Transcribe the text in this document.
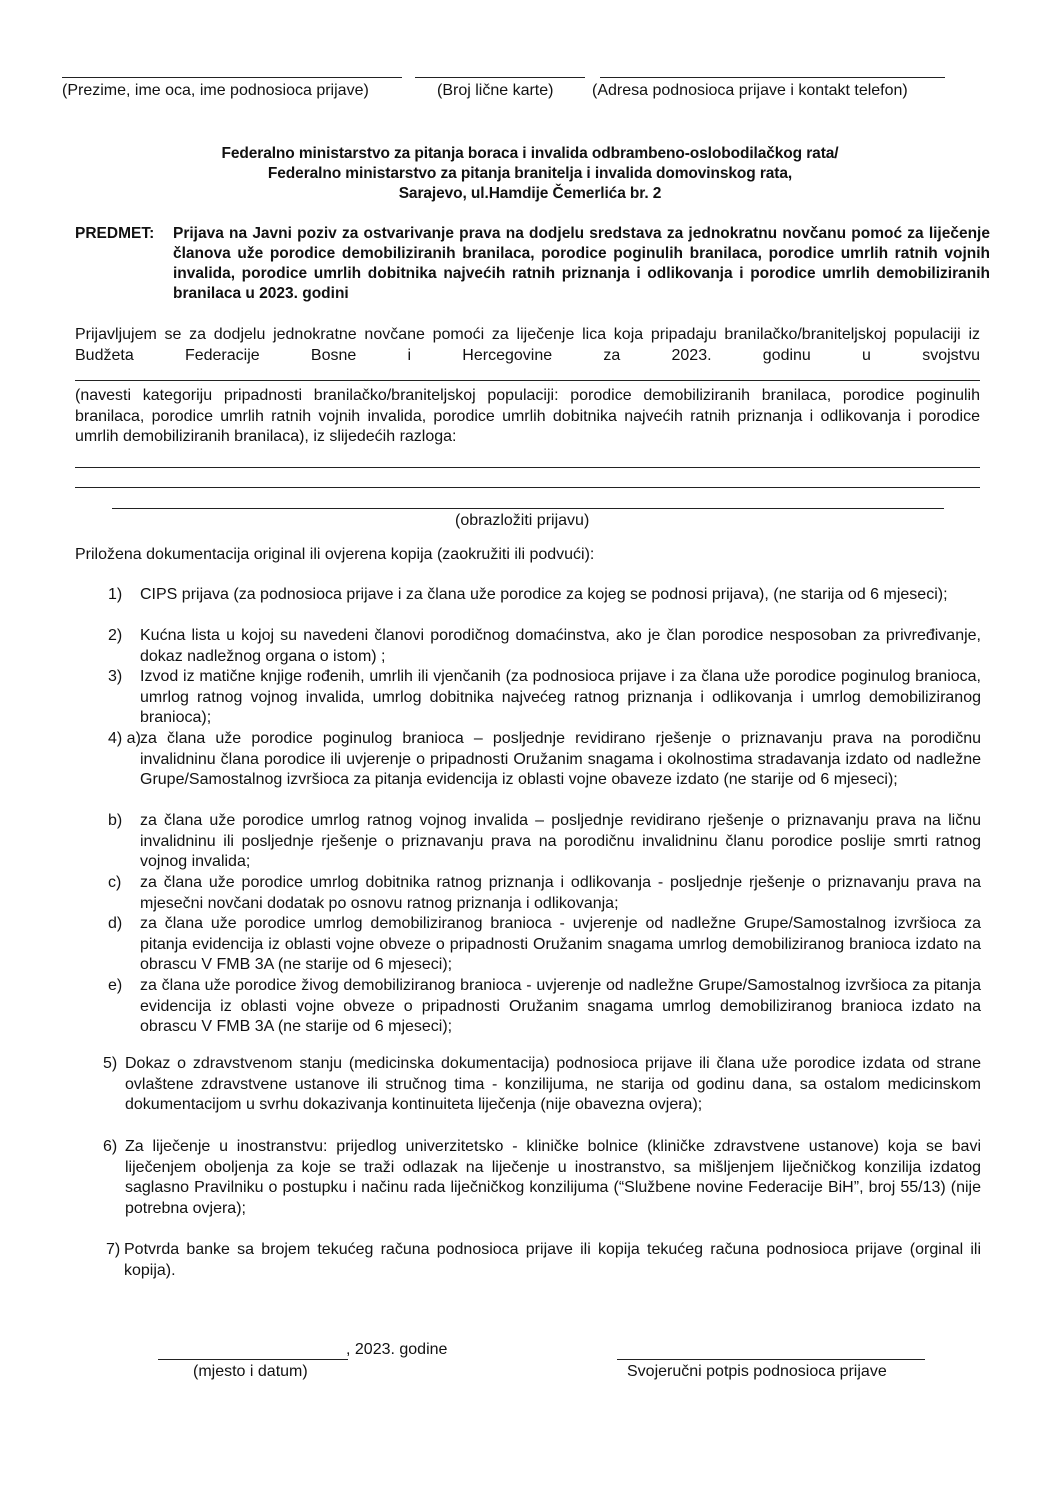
(Prezime, ime oca, ime podnosioca prijave)	(Broj lične karte) (Adresa podnosioca prijave i kontakt telefon)
Federalno ministarstvo za pitanja boraca i invalida odbrambeno-oslobodilačkog rata/
Federalno ministarstvo za pitanja branitelja i invalida domovinskog rata,
Sarajevo, ul.Hamdije Čemerlića br. 2
PREDMET: Prijava na Javni poziv za ostvarivanje prava na dodjelu sredstava za jednokratnu novčanu pomoć za liječenje članova uže porodice demobiliziranih branilaca, porodice poginulih branilaca, porodice umrlih ratnih vojnih invalida, porodice umrlih dobitnika najvećih ratnih priznanja i odlikovanja i porodice umrlih demobiliziranih branilaca u 2023. godini
Prijavljujem se za dodjelu jednokratne novčane pomoći za liječenje lica koja pripadaju branilačko/braniteljskoj populaciji iz Budžeta Federacije Bosne i Hercegovine za 2023. godinu u svojstvu
(navesti kategoriju pripadnosti branilačko/braniteljskoj populaciji: porodice demobiliziranih branilaca, porodice poginulih branilaca, porodice umrlih ratnih vojnih invalida, porodice umrlih dobitnika najvećih ratnih priznanja i odlikovanja i porodice umrlih demobiliziranih branilaca), iz slijedećih razloga:
(obrazložiti prijavu)
Priložena dokumentacija original ili ovjerena kopija (zaokružiti ili podvući):
1) CIPS prijava (za podnosioca prijave i za člana uže porodice za kojeg se podnosi prijava), (ne starija od 6 mjeseci);
2) Kućna lista u kojoj su navedeni članovi porodičnog domaćinstva, ako je član porodice nesposoban za privređivanje, dokaz nadležnog organa o istom) ;
3) Izvod iz matične knjige rođenih, umrlih ili vjenčanih (za podnosioca prijave i za člana uže porodice poginulog branioca, umrlog ratnog vojnog invalida, umrlog dobitnika najvećeg ratnog priznanja i odlikovanja i umrlog demobiliziranog branioca);
4) a) za člana uže porodice poginulog branioca – posljednje revidirano rješenje o priznavanju prava na porodičnu invalidninu člana porodice ili uvjerenje o pripadnosti Oružanim snagama i okolnostima stradavanja izdato od nadležne Grupe/Samostalnog izvršioca za pitanja evidencija iz oblasti vojne obaveze izdato (ne starije od 6 mjeseci);
b) za člana uže porodice umrlog ratnog vojnog invalida – posljednje revidirano rješenje o priznavanju prava na ličnu invalidninu ili posljednje rješenje o priznavanju prava na porodičnu invalidninu članu porodice poslije smrti ratnog vojnog invalida;
c) za člana uže porodice umrlog dobitnika ratnog priznanja i odlikovanja - posljednje rješenje o priznavanju prava na mjesečni novčani dodatak po osnovu ratnog priznanja i odlikovanja;
d) za člana uže porodice umrlog demobiliziranog branioca - uvjerenje od nadležne Grupe/Samostalnog izvršioca za pitanja evidencija iz oblasti vojne obveze o pripadnosti Oružanim snagama umrlog demobiliziranog branioca izdato na obrascu V FMB 3A (ne starije od 6 mjeseci);
e) za člana uže porodice živog demobiliziranog branioca - uvjerenje od nadležne Grupe/Samostalnog izvršioca za pitanja evidencija iz oblasti vojne obveze o pripadnosti Oružanim snagama umrlog demobiliziranog branioca izdato na obrascu V FMB 3A (ne starije od 6 mjeseci);
5) Dokaz o zdravstvenom stanju (medicinska dokumentacija) podnosioca prijave ili člana uže porodice izdata od strane ovlaštene zdravstvene ustanove ili stručnog tima - konzilijuma, ne starija od godinu dana, sa ostalom medicinskom dokumentacijom u svrhu dokazivanja kontinuiteta liječenja (nije obavezna ovjera);
6) Za liječenje u inostranstvu: prijedlog univerzitetsko - kliničke bolnice (kliničke zdravstvene ustanove) koja se bavi liječenjem oboljenja za koje se traži odlazak na liječenje u inostranstvo, sa mišljenjem liječničkog konzilija izdatog saglasno Pravilniku o postupku i načinu rada liječničkog konzilijuma (“Službene novine Federacije BiH”, broj 55/13) (nije potrebna ovjera);
7) Potvrda banke sa brojem tekućeg računa podnosioca prijave ili kopija tekućeg računa podnosioca prijave (orginal ili kopija).
, 2023. godine
(mjesto i datum)	Svojeručni potpis podnosioca prijave
